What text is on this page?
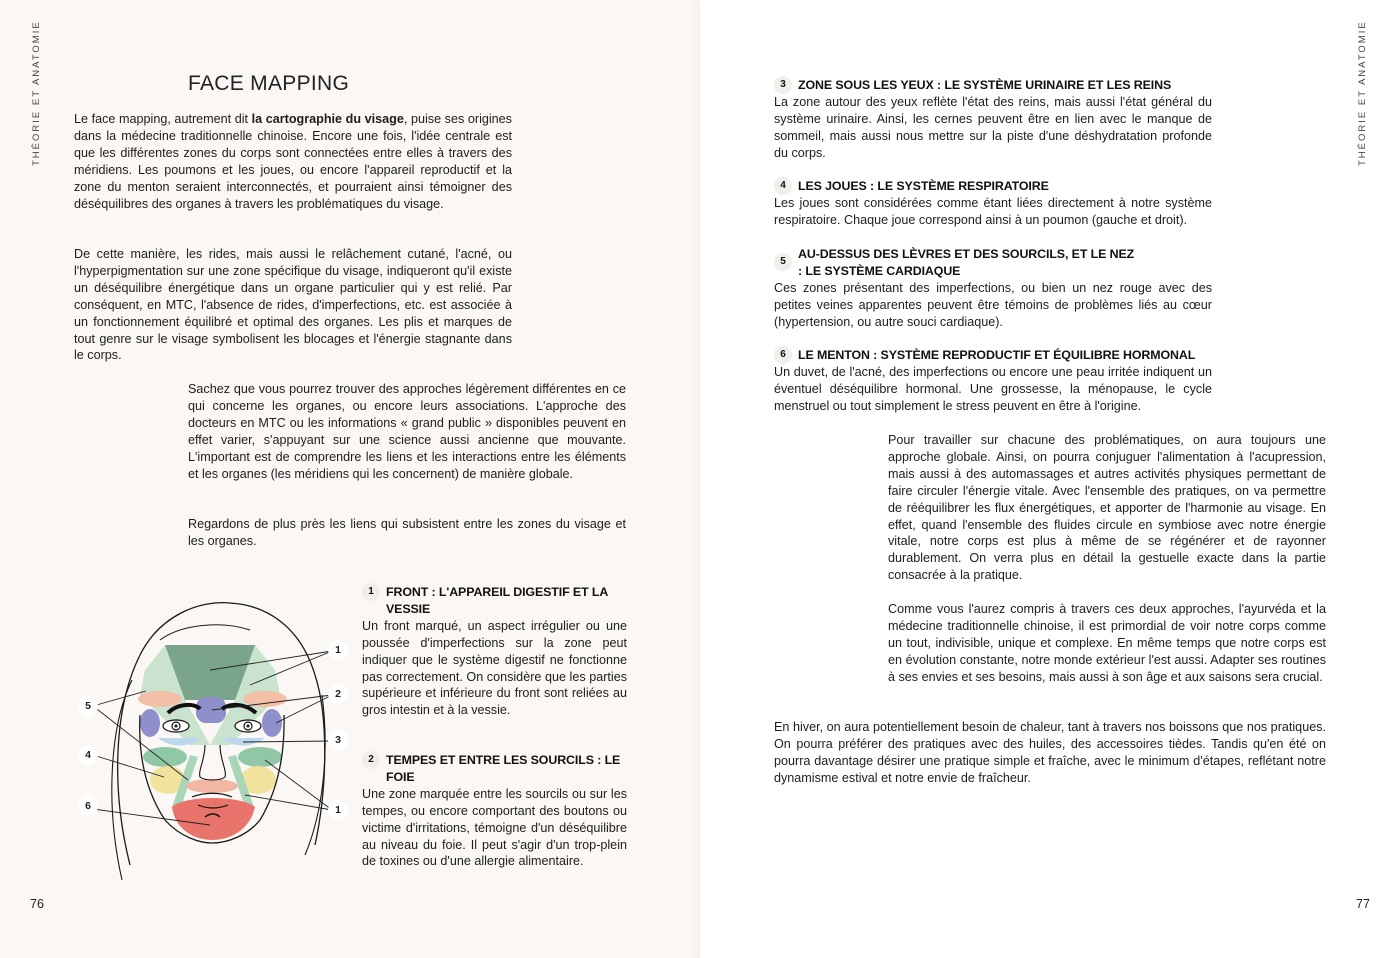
THÉORIE ET ANATOMIE	FACE MAPPING

Le face mapping, autrement dit la cartographie du visage, puise ses origines dans la médecine traditionnelle chinoise. Encore une fois, l'idée centrale est que les différentes zones du corps sont connectées entre elles à travers des méridiens. Les poumons et les joues, ou encore l'appareil reproductif et la zone du menton seraient interconnectés, et pourraient ainsi témoigner des déséquilibres des organes à travers les problématiques du visage.

De cette manière, les rides, mais aussi le relâchement cutané, l'acné, ou l'hyperpigmentation sur une zone spécifique du visage, indiqueront qu'il existe un déséquilibre énergétique dans un organe particulier qui y est relié. Par conséquent, en MTC, l'absence de rides, d'imperfections, etc. est associée à un fonctionnement équilibré et optimal des organes. Les plis et marques de tout genre sur le visage symbolisent les blocages et l'énergie stagnante dans le corps.

Sachez que vous pourrez trouver des approches légèrement différentes en ce qui concerne les organes, ou encore leurs associations. L'approche des docteurs en MTC ou les informations « grand public » disponibles peuvent en effet varier, s'appuyant sur une science aussi ancienne que mouvante. L'important est de comprendre les liens et les interactions entre les éléments et les organes (les méridiens qui les concernent) de manière globale.

Regardons de plus près les liens qui subsistent entre les zones du visage et les organes.

5
4
6
1
2
3
1
1 FRONT : L'APPAREIL DIGESTIF ET LA VESSIE

Un front marqué, un aspect irrégulier ou une poussée d'imperfections sur la zone peut indiquer que le système digestif ne fonctionne pas correctement. On considère que les parties supérieure et inférieure du front sont reliées au gros intestin et à la vessie.

2 TEMPES ET ENTRE LES SOURCILS : LE FOIE

Une zone marquée entre les sourcils ou sur les tempes, ou encore comportant des boutons ou victime d'irritations, témoigne d'un déséquilibre au niveau du foie. Il peut s'agir d'un trop-plein de toxines ou d'une allergie alimentaire.

76
THÉORIE ET ANATOMIE
77
3 ZONE SOUS LES YEUX : LE SYSTÈME URINAIRE ET LES REINS

La zone autour des yeux reflète l'état des reins, mais aussi l'état général du système urinaire. Ainsi, les cernes peuvent être en lien avec le manque de sommeil, mais aussi nous mettre sur la piste d'une déshydratation profonde du corps.

4 LES JOUES : LE SYSTÈME RESPIRATOIRE

Les joues sont considérées comme étant liées directement à notre système respiratoire. Chaque joue correspond ainsi à un poumon (gauche et droit).

5
AU-DESSUS DES LÈVRES ET DES SOURCILS, ET LE NEZ : LE SYSTÈME CARDIAQUE

Ces zones présentant des imperfections, ou bien un nez rouge avec des petites veines apparentes peuvent être témoins de problèmes liés au cœur (hypertension, ou autre souci cardiaque).

6 LE MENTON : SYSTÈME REPRODUCTIF ET ÉQUILIBRE HORMONAL

Un duvet, de l'acné, des imperfections ou encore une peau irritée indiquent un éventuel déséquilibre hormonal. Une grossesse, la ménopause, le cycle menstruel ou tout simplement le stress peuvent en être à l'origine.

Pour travailler sur chacune des problématiques, on aura toujours une approche globale. Ainsi, on pourra conjuguer l'alimentation à l'acupression, mais aussi à des automassages et autres activités physiques permettant de faire circuler l'énergie vitale. Avec l'ensemble des pratiques, on va permettre de rééquilibrer les flux énergétiques, et apporter de l'harmonie au visage. En effet, quand l'ensemble des fluides circule en symbiose avec notre énergie vitale, notre corps est plus à même de se régénérer et de rayonner durablement. On verra plus en détail la gestuelle exacte dans la partie consacrée à la pratique.

Comme vous l'aurez compris à travers ces deux approches, l'ayurvéda et la médecine traditionnelle chinoise, il est primordial de voir notre corps comme un tout, indivisible, unique et complexe. En même temps que notre corps est en évolution constante, notre monde extérieur l'est aussi. Adapter ses routines à ses envies et ses besoins, mais aussi à son âge et aux saisons sera crucial.

En hiver, on aura potentiellement besoin de chaleur, tant à travers nos boissons que nos pratiques. On pourra préférer des pratiques avec des huiles, des accessoires tièdes. Tandis qu'en été on pourra davantage désirer une pratique simple et fraîche, avec le minimum d'étapes, reflétant notre dynamisme estival et notre envie de fraîcheur.
